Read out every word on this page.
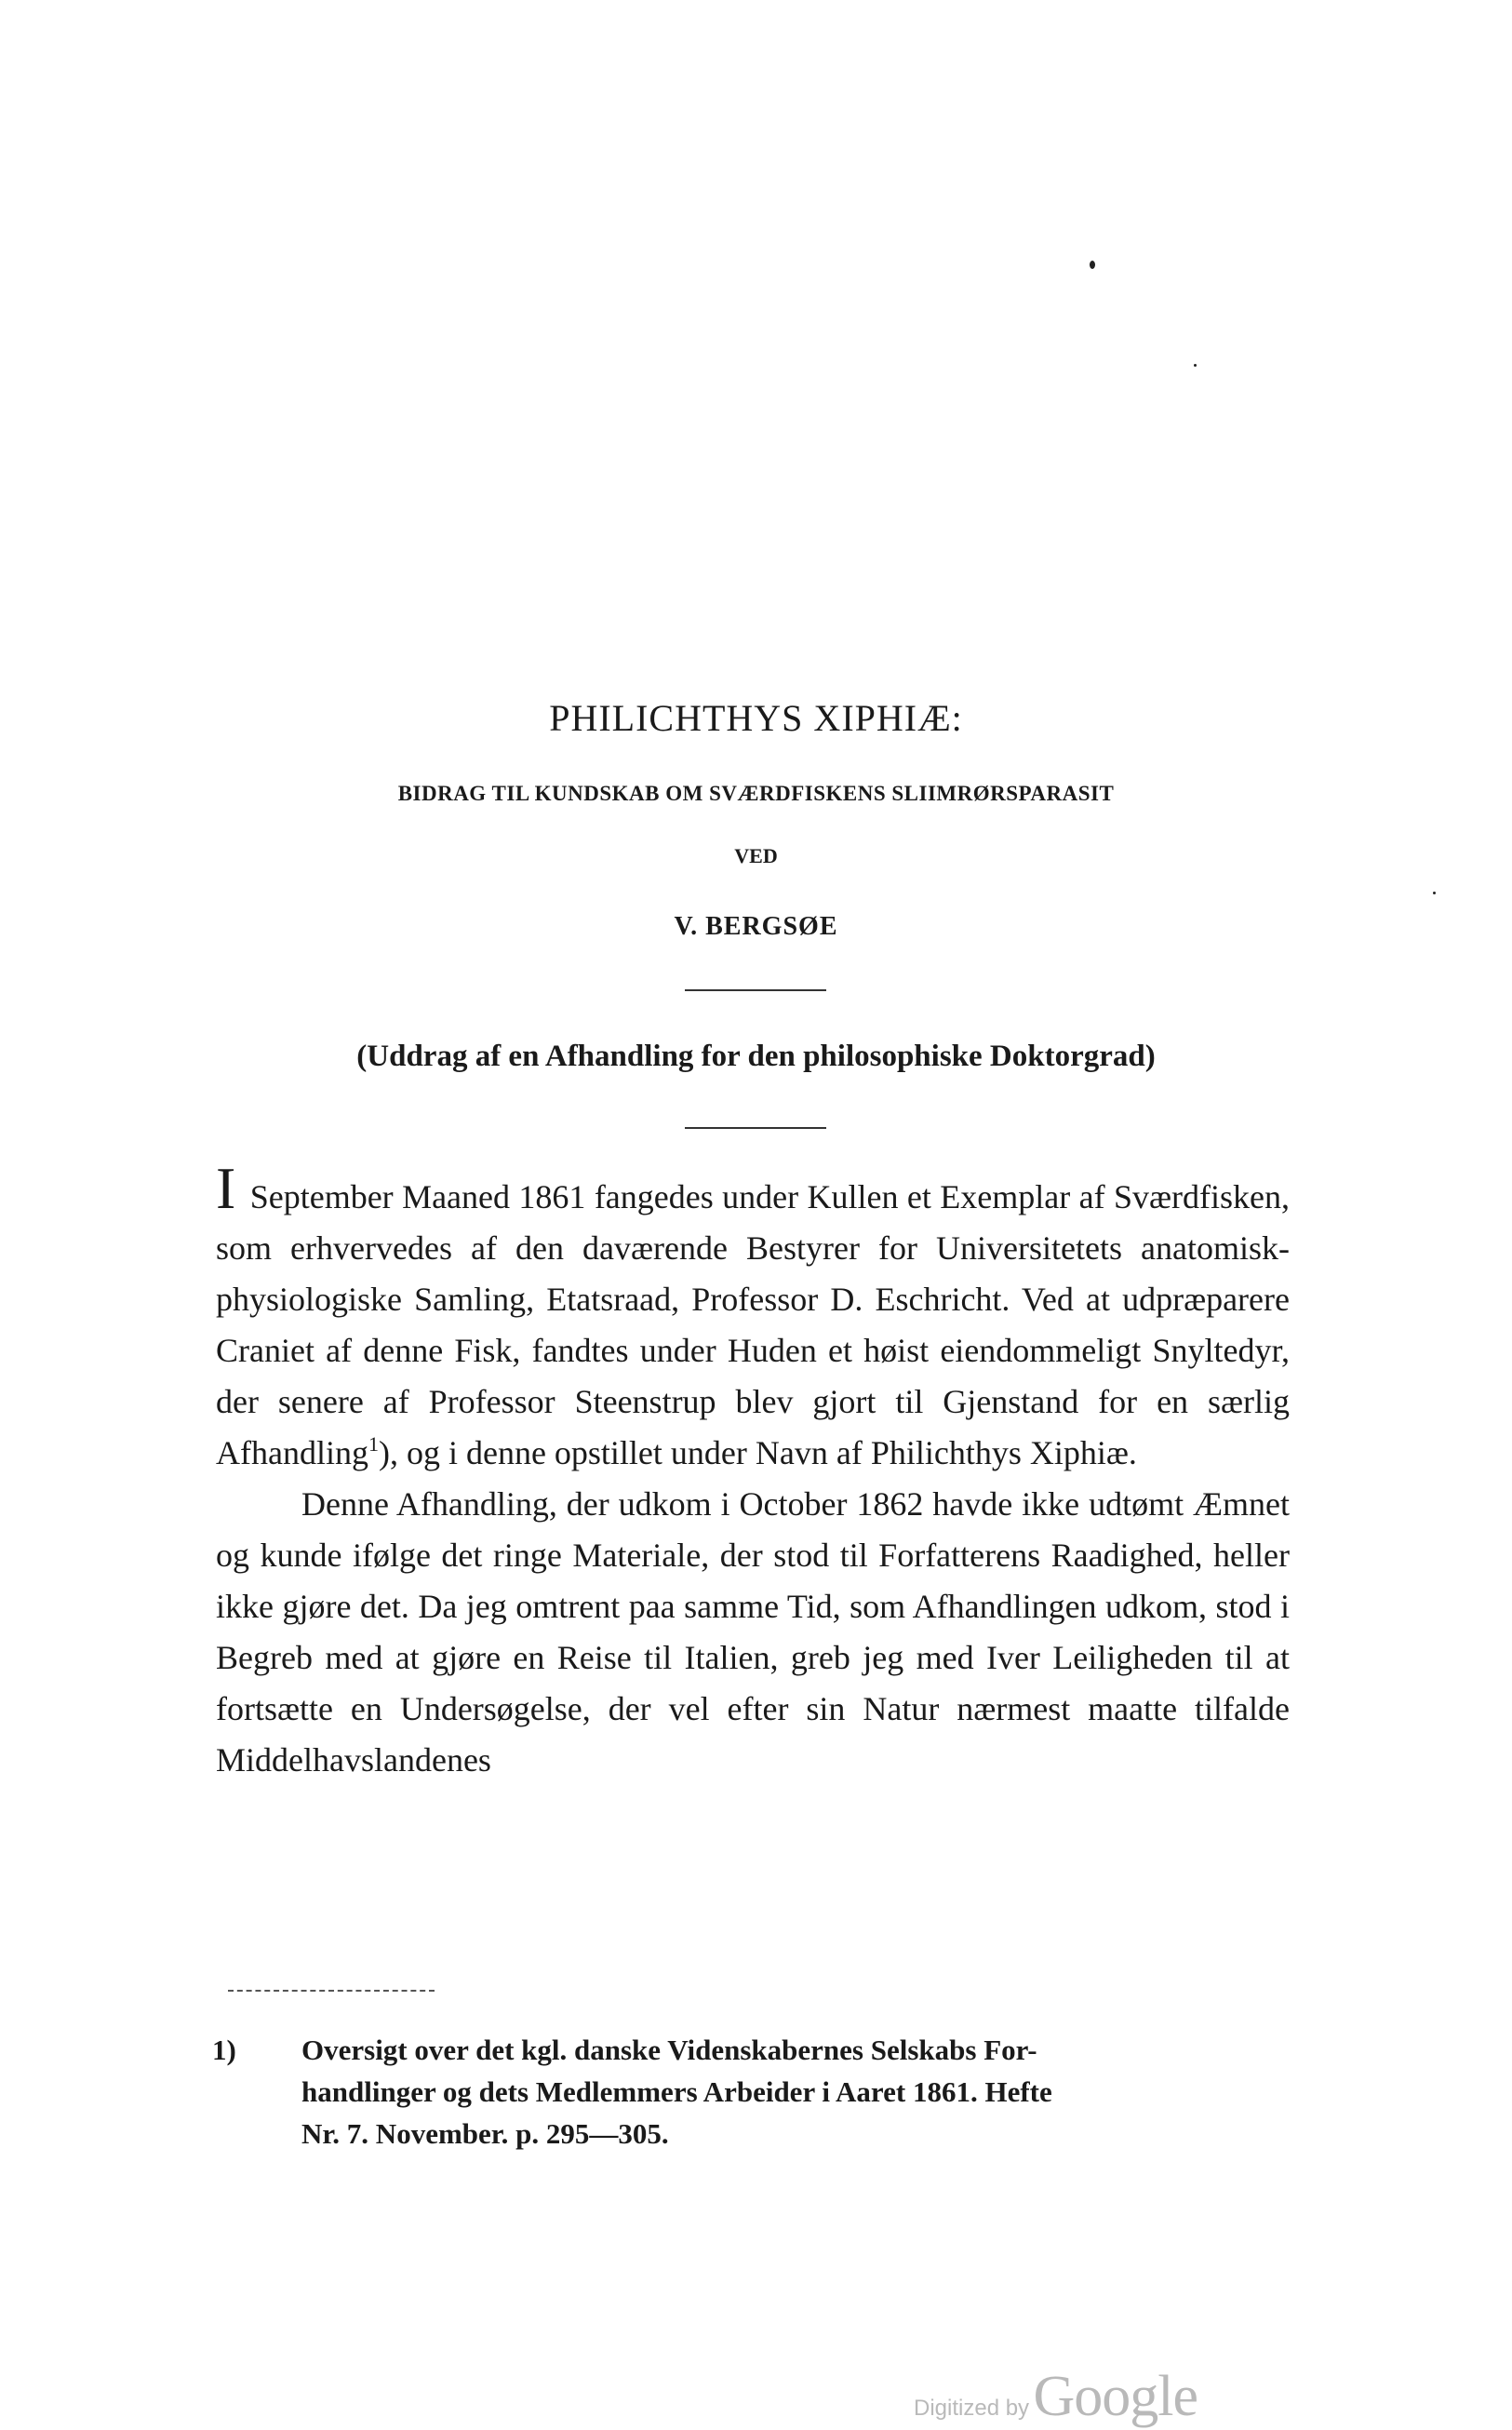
PHILICHTHYS XIPHIÆ:
BIDRAG TIL KUNDSKAB OM SVÆRDFISKENS SLIIMRØRSPARASIT
VED
V. BERGSØE
(Uddrag af en Afhandling for den philosophiske Doktorgrad)

I September Maaned 1861 fangedes under Kullen et Exemplar af Sværdfisken, som erhvervedes af den daværende Bestyrer for Universitetets anatomisk-physiologiske Samling, Etatsraad, Professor D. Eschricht. Ved at udpræparere Craniet af denne Fisk, fandtes under Huden et høist eiendommeligt Snyltedyr, der senere af Professor Steenstrup blev gjort til Gjenstand for en særlig Afhandling$^1$), og i denne opstillet under Navn af Philichthys Xiphiæ.

Denne Afhandling, der udkom i October 1862 havde ikke udtømt Æmnet og kunde ifølge det ringe Materiale, der stod til Forfatterens Raadighed, heller ikke gjøre det. Da jeg omtrent paa samme Tid, som Afhandlingen udkom, stod i Begreb med at gjøre en Reise til Italien, greb jeg med Iver Leiligheden til at fortsætte en Undersøgelse, der vel efter sin Natur nærmest maatte tilfalde Middelhavslandenes

1) Oversigt over det kgl. danske Videnskabernes Selskabs For-
handlinger og dets Medlemmers Arbeider i Aaret 1861. Hefte
Nr. 7. November. p. 295—305.
Digitized by Google
